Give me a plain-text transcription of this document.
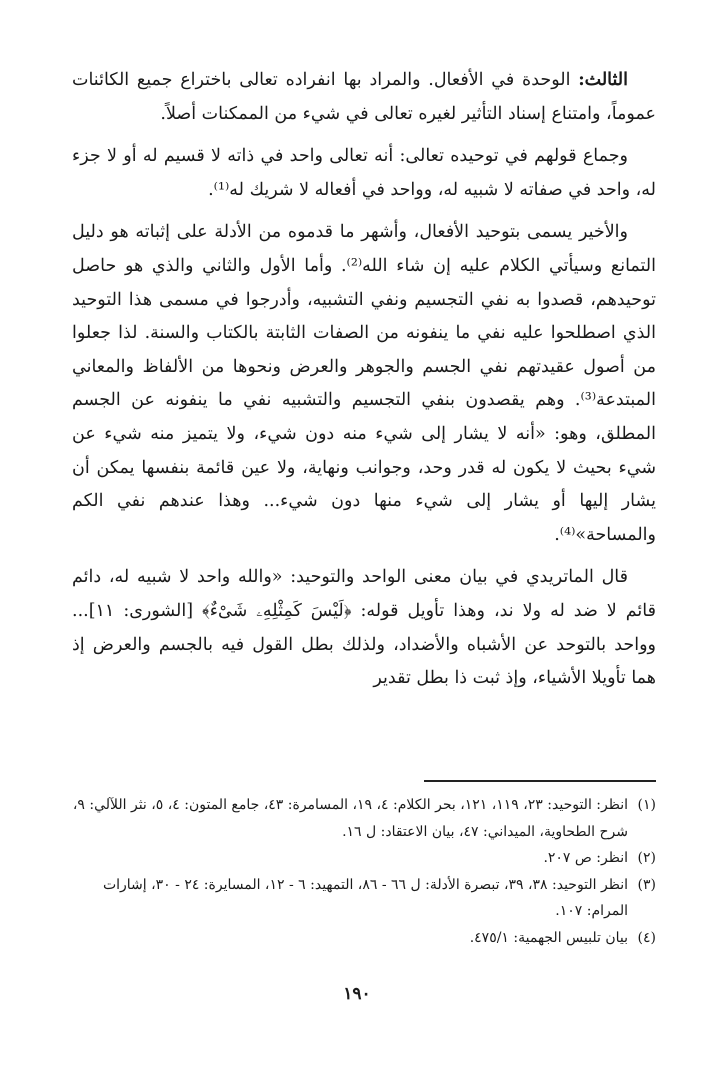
الثالث: الوحدة في الأفعال. والمراد بها انفراده تعالى باختراع جميع الكائنات عموماً، وامتناع إسناد التأثير لغيره تعالى في شيء من الممكنات أصلاً.

وجماع قولهم في توحيده تعالى: أنه تعالى واحد في ذاته لا قسيم له أو لا جزء له، واحد في صفاته لا شبيه له، وواحد في أفعاله لا شريك له⁽¹⁾.

والأخير يسمى بتوحيد الأفعال، وأشهر ما قدموه من الأدلة على إثباته هو دليل التمانع وسيأتي الكلام عليه إن شاء الله⁽²⁾. وأما الأول والثاني والذي هو حاصل توحيدهم، قصدوا به نفي التجسيم ونفي التشبيه، وأدرجوا في مسمى هذا التوحيد الذي اصطلحوا عليه نفي ما ينفونه من الصفات الثابتة بالكتاب والسنة. لذا جعلوا من أصول عقيدتهم نفي الجسم والجوهر والعرض ونحوها من الألفاظ والمعاني المبتدعة⁽³⁾. وهم يقصدون بنفي التجسيم والتشبيه نفي ما ينفونه عن الجسم المطلق، وهو: «أنه لا يشار إلى شيء منه دون شيء، ولا يتميز منه شيء عن شيء بحيث لا يكون له قدر وحد، وجوانب ونهاية، ولا عين قائمة بنفسها يمكن أن يشار إليها أو يشار إلى شيء منها دون شيء... وهذا عندهم نفي الكم والمساحة»⁽⁴⁾.

قال الماتريدي في بيان معنى الواحد والتوحيد: «والله واحد لا شبيه له، دائم قائم لا ضد له ولا ند، وهذا تأويل قوله: ﴿لَيْسَ كَمِثْلِهِۦ شَىْءٌ﴾ [الشورى: ١١]... وواحد بالتوحد عن الأشباه والأضداد، ولذلك بطل القول فيه بالجسم والعرض إذ هما تأويلا الأشياء، وإذ ثبت ذا بطل تقدير

(١)
انظر: التوحيد: ٢٣، ١١٩، ١٢١، بحر الكلام: ٤، ١٩، المسامرة: ٤٣، جامع المتون: ٤، ٥، نثر اللآلي: ٩، شرح الطحاوية، الميداني: ٤٧، بيان الاعتقاد: ل ١٦.

(٢)
انظر: ص ٢٠٧.

(٣)
انظر التوحيد: ٣٨، ٣٩، تبصرة الأدلة: ل ٦٦ - ٨٦، التمهيد: ٦ - ١٢، المسايرة: ٢٤ - ٣٠، إشارات المرام: ١٠٧.

(٤)
بيان تلبيس الجهمية: ٤٧٥/١.

١٩٠
